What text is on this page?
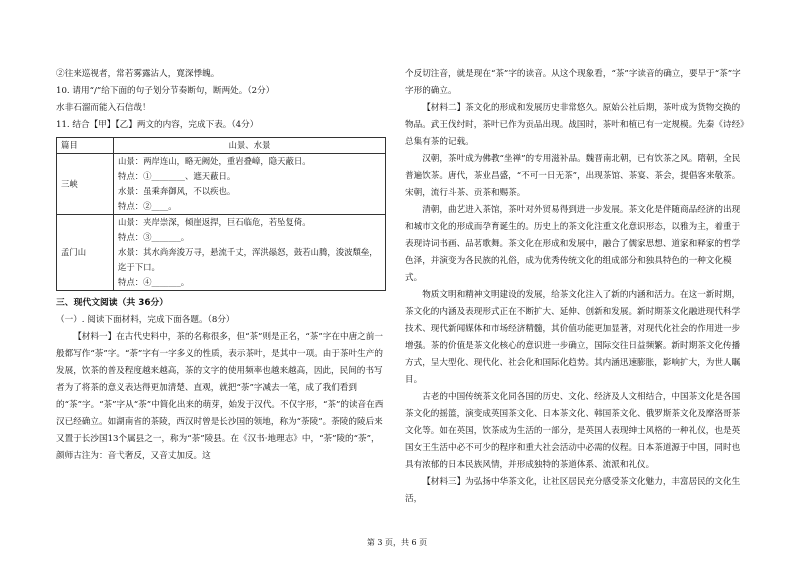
②往来巡视者，常若雾露沾人，寛深悸魄。

10. 请用“/”给下面的句子划分节奏断句，断两处。（2分）

水非石溜而能入石信哉！

11. 结合【甲】【乙】两文的内容，完成下表。（4分）

篇目	山景、水景
三峡	山景：两岸连山，略无阙处，重岩叠嶂，隐天蔽日。
特点：①________、遮天蔽日。
水景：虽乘奔御风，不以疾也。
特点：②____。

孟门山	山景：夹岸崇深，倾崖返捍，巨石临危，若坠复倚。
特点：③_______。
水景：其水尚奔浚万寻，悬流千丈，浑洪赑怒，鼓若山腾，浚波頽垒，迄于下口。
特点：④_______。

三、现代文阅读（共 36分）

（一）. 阅读下面材料，完成下面各题。（8分）

【材料一】在古代史料中，茶的名称很多，但“茶”则是正名，“茶”字在中唐之前一般都写作“荼”字。“荼”字有一字多义的性质，表示茶叶，是其中一项。由于茶叶生产的发展，饮茶的普及程度越来越高，茶的文字的使用频率也越来越高，因此，民间的书写者为了将茶的意义表达得更加清楚、直观，就把“荼”字减去一笔，成了我们看到的“茶”字。“茶”字从“荼”中简化出来的萌芽，始发于汉代。不仅字形，“茶”的读音在西汉已经确立。如湖南省的茶陵，西汉时曾是长沙国的领地，称为“荼陵”。荼陵的陵后来又置于长沙国13个属县之一，称为“荼”陵县。在《汉书·地理志》中，“荼”陵的“荼”，颜师古注为：音弋奢反，又音丈加反。这

个反切注音，就是现在“茶”字的读音。从这个现象看，“茶”字读音的确立，要早于“茶”字字形的确立。

【材料二】茶文化的形成和发展历史非常悠久。原始公社后期，茶叶成为货物交换的物品。武王伐纣时，茶叶已作为贡品出现。战国时，茶叶和植已有一定规模。先秦《诗经》总集有茶的记载。

汉朝，茶叶成为佛教“坐禅”的专用滋补品。魏晋南北朝，已有饮茶之风。隋朝，全民普遍饮茶。唐代，茶业昌盛，“不可一日无茶”，出现茶馆、茶宴、茶会，提倡客来敬茶。宋朝，流行斗茶、贡茶和赐茶。

清朝，曲艺进入茶馆，茶叶对外贸易得到进一步发展。茶文化是伴随商品经济的出现和城市文化的形成而孕育诞生的。历史上的茶文化注重文化意识形态，以雅为主，着重于表现诗词书画、品茗歌舞。茶文化在形成和发展中，融合了儒家思想、道家和释家的哲学色泽，并演变为各民族的礼俗，成为优秀传统文化的组成部分和独具特色的一种文化模式。

物质文明和精神文明建设的发展，给茶文化注入了新的内涵和活力。在这一新时期，茶文化的内涵及表现形式正在不断扩大、延伸、创新和发展。新时期茶文化融进现代科学技术、现代新闻媒体和市场经济精髓，其价值功能更加显著，对现代化社会的作用进一步增强。茶的价值是茶文化核心的意识进一步确立，国际交往日益频繁。新时期茶文化传播方式，呈大型化、现代化、社会化和国际化趋势。其内涵迅速膨胀，影响扩大，为世人瞩目。

古老的中国传统茶文化同各国的历史、文化、经济及人文相结合，中国茶文化是各国茶文化的摇篮，演变成英国茶文化、日本茶文化、韩国茶文化、俄罗斯茶文化及摩洛哥茶文化等。如在英国，饮茶成为生活的一部分，是英国人表现绅士风格的一种礼仪，也是英国女王生活中必不可少的程序和重大社会活动中必需的仪程。日本茶道源于中国，同时也具有浓郁的日本民族风情，并形成独特的茶道体系、流派和礼仪。

【材料三】为弘扬中华茶文化，让社区居民充分感受茶文化魅力，丰富居民的文化生活，

第 3 页，共 6 页
